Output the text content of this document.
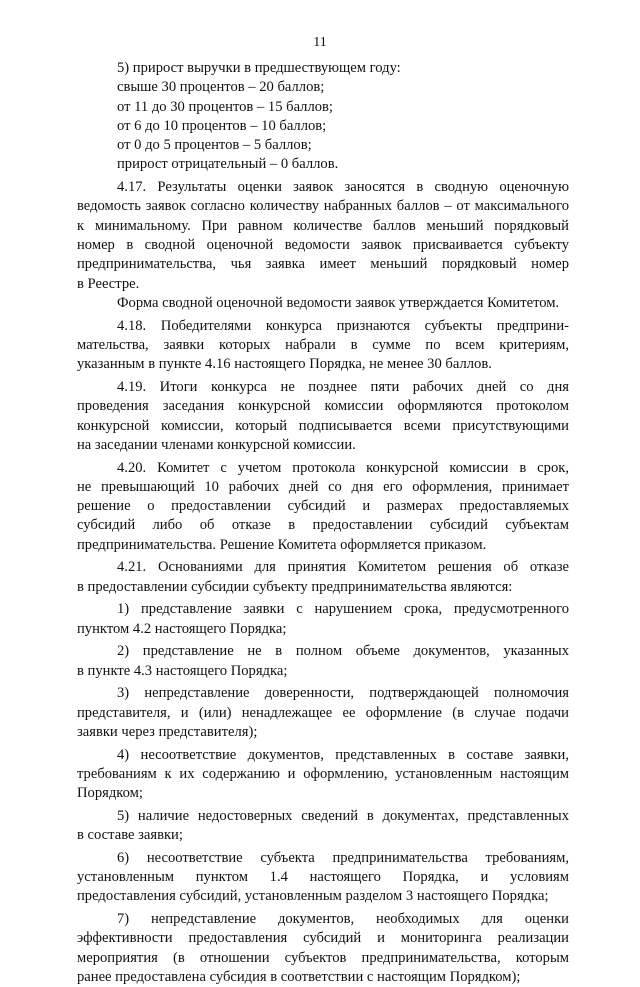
11
5) прирост выручки в предшествующем году:
свыше 30 процентов – 20 баллов;
от 11 до 30 процентов – 15 баллов;
от 6 до 10 процентов – 10 баллов;
от 0 до 5 процентов – 5 баллов;
прирост отрицательный – 0 баллов.
4.17. Результаты оценки заявок заносятся в сводную оценочную
ведомость заявок согласно количеству набранных баллов – от максимального
к минимальному. При равном количестве баллов меньший порядковый
номер в сводной оценочной ведомости заявок присваивается субъекту
предпринимательства, чья заявка имеет меньший порядковый номер
в Реестре.
Форма сводной оценочной ведомости заявок утверждается Комитетом.
4.18. Победителями конкурса признаются субъекты предприни-
мательства, заявки которых набрали в сумме по всем критериям,
указанным в пункте 4.16 настоящего Порядка, не менее 30 баллов.
4.19. Итоги конкурса не позднее пяти рабочих дней со дня
проведения заседания конкурсной комиссии оформляются протоколом
конкурсной комиссии, который подписывается всеми присутствующими
на заседании членами конкурсной комиссии.
4.20. Комитет с учетом протокола конкурсной комиссии в срок,
не превышающий 10 рабочих дней со дня его оформления, принимает
решение о предоставлении субсидий и размерах предоставляемых
субсидий либо об отказе в предоставлении субсидий субъектам
предпринимательства. Решение Комитета оформляется приказом.
4.21. Основаниями для принятия Комитетом решения об отказе
в предоставлении субсидии субъекту предпринимательства являются:
1) представление заявки с нарушением срока, предусмотренного
пунктом 4.2 настоящего Порядка;
2) представление не в полном объеме документов, указанных
в пункте 4.3 настоящего Порядка;
3) непредставление доверенности, подтверждающей полномочия
представителя, и (или) ненадлежащее ее оформление (в случае подачи
заявки через представителя);
4) несоответствие документов, представленных в составе заявки,
требованиям к их содержанию и оформлению, установленным настоящим
Порядком;
5) наличие недостоверных сведений в документах, представленных
в составе заявки;
6) несоответствие субъекта предпринимательства требованиям,
установленным пунктом 1.4 настоящего Порядка, и условиям
предоставления субсидий, установленным разделом 3 настоящего Порядка;
7) непредставление документов, необходимых для оценки
эффективности предоставления субсидий и мониторинга реализации
мероприятия (в отношении субъектов предпринимательства, которым
ранее предоставлена субсидия в соответствии с настоящим Порядком);
